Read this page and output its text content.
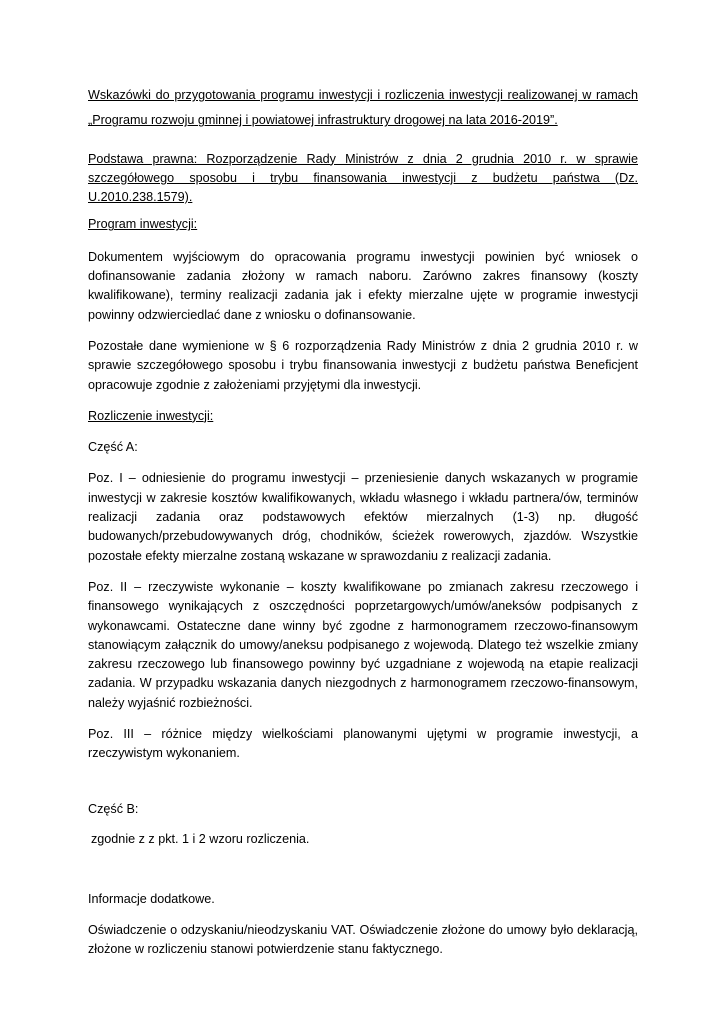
Wskazówki do przygotowania programu inwestycji i rozliczenia inwestycji realizowanej w ramach

„Programu rozwoju gminnej i powiatowej infrastruktury drogowej na lata 2016-2019”.

Podstawa prawna: Rozporządzenie Rady Ministrów z dnia 2 grudnia 2010 r. w sprawie szczegółowego sposobu i trybu finansowania inwestycji z budżetu państwa (Dz. U.2010.238.1579).

Program inwestycji:

Dokumentem wyjściowym do opracowania programu inwestycji powinien być wniosek o dofinansowanie zadania złożony w ramach naboru. Zarówno zakres finansowy (koszty kwalifikowane), terminy realizacji zadania jak i efekty mierzalne ujęte w programie inwestycji powinny odzwierciedlać dane z wniosku o dofinansowanie.

Pozostałe dane wymienione w § 6 rozporządzenia Rady Ministrów z dnia 2 grudnia 2010 r. w sprawie szczegółowego sposobu i trybu finansowania inwestycji z budżetu państwa Beneficjent opracowuje zgodnie z założeniami przyjętymi dla inwestycji.

Rozliczenie inwestycji:

Część A:

Poz. I – odniesienie do programu inwestycji – przeniesienie danych wskazanych w programie inwestycji w zakresie kosztów kwalifikowanych, wkładu własnego i wkładu partnera/ów, terminów realizacji zadania oraz podstawowych efektów mierzalnych (1-3) np. długość budowanych/przebudowywanych dróg, chodników, ścieżek rowerowych, zjazdów. Wszystkie pozostałe efekty mierzalne zostaną wskazane w sprawozdaniu z realizacji zadania.

Poz. II – rzeczywiste wykonanie – koszty kwalifikowane po zmianach zakresu rzeczowego i finansowego wynikających z oszczędności poprzetargowych/umów/aneksów podpisanych z wykonawcami. Ostateczne dane winny być zgodne z harmonogramem rzeczowo-finansowym stanowiącym załącznik do umowy/aneksu podpisanego z wojewodą. Dlatego też wszelkie zmiany zakresu rzeczowego lub finansowego powinny być uzgadniane z wojewodą na etapie realizacji zadania. W przypadku wskazania danych niezgodnych z harmonogramem rzeczowo-finansowym, należy wyjaśnić rozbieżności.

Poz. III – różnice między wielkościami planowanymi ujętymi w programie inwestycji, a rzeczywistym wykonaniem.

Część B:

zgodnie z z pkt. 1 i 2 wzoru rozliczenia.

Informacje dodatkowe.

Oświadczenie o odzyskaniu/nieodzyskaniu VAT. Oświadczenie złożone do umowy było deklaracją, złożone w rozliczeniu stanowi potwierdzenie stanu faktycznego.
